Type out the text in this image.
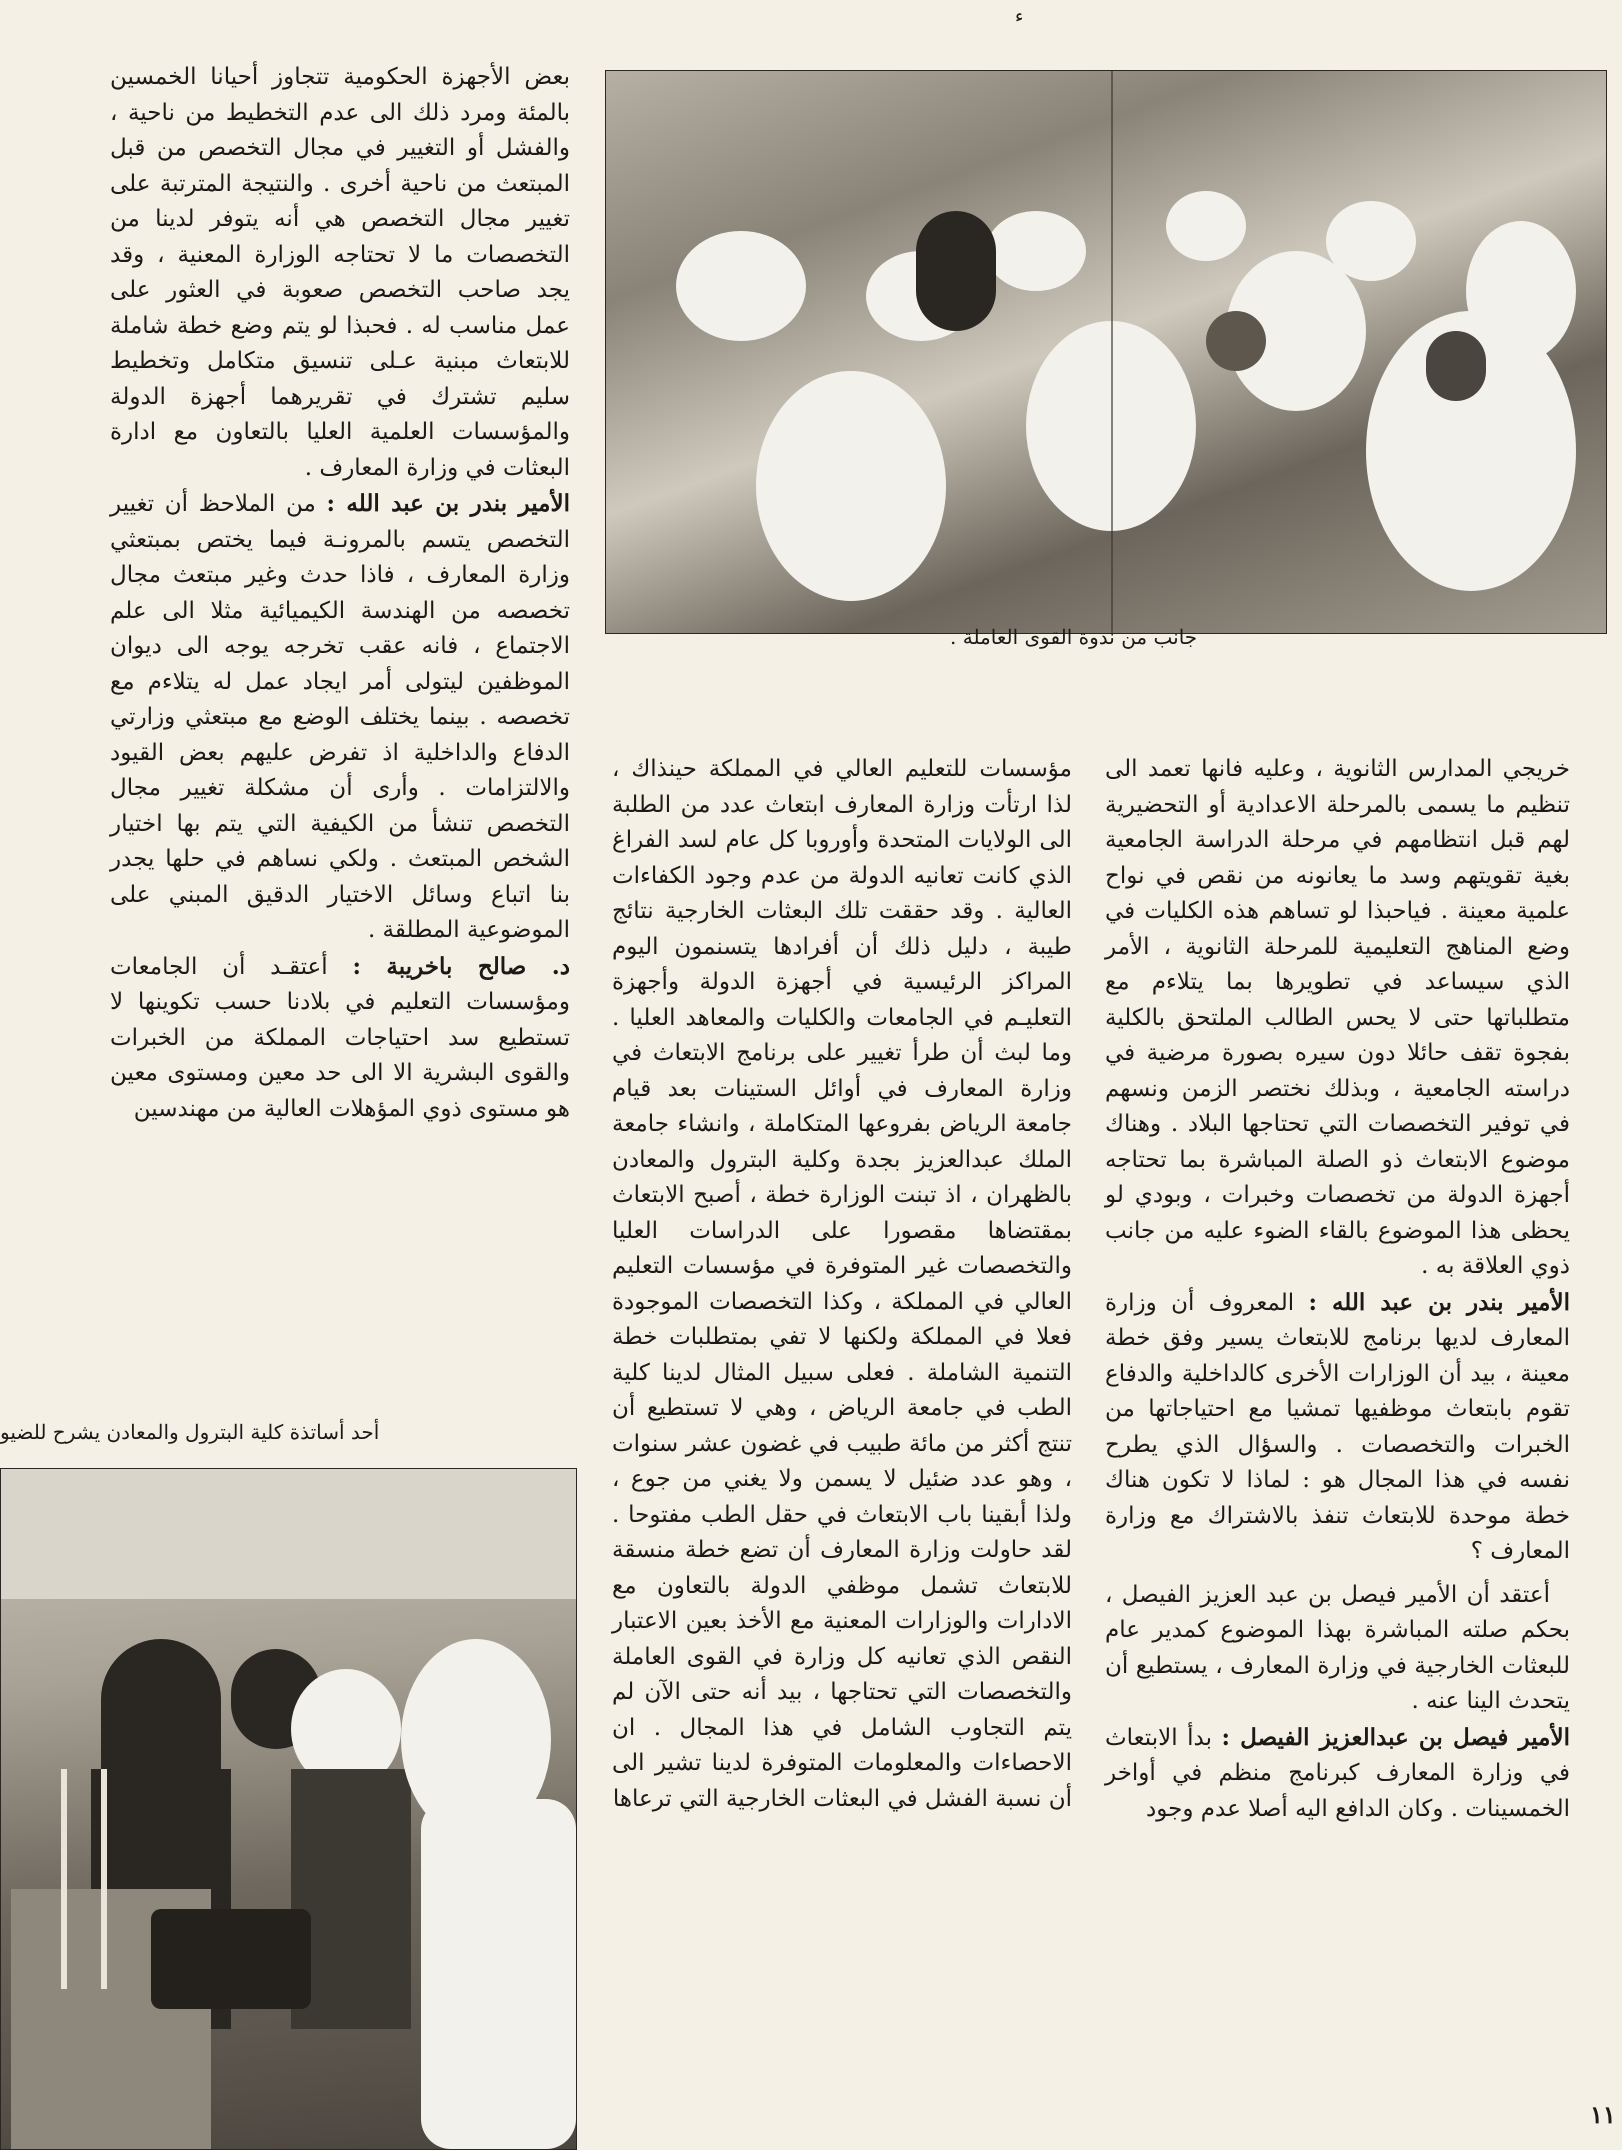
ء
جانب من ندوة القوى العاملة .

بعض الأجهزة الحكومية تتجاوز أحيانا الخمسين بالمئة ومرد ذلك الى عدم التخطيط من ناحية ، والفشل أو التغيير في مجال التخصص من قبل المبتعث من ناحية أخرى . والنتيجة المترتبة على تغيير مجال التخصص هي أنه يتوفر لدينا من التخصصات ما لا تحتاجه الوزارة المعنية ، وقد يجد صاحب التخصص صعوبة في العثور على عمل مناسب له . فحبذا لو يتم وضع خطة شاملة للابتعاث مبنية عـلى تنسيق متكامل وتخطيط سليم تشترك في تقريرهما أجهزة الدولة والمؤسسات العلمية العليا بالتعاون مع ادارة البعثات في وزارة المعارف .

الأمير بندر بن عبد الله : من الملاحظ أن تغيير التخصص يتسم بالمرونـة فيما يختص بمبتعثي وزارة المعارف ، فاذا حدث وغير مبتعث مجال تخصصه من الهندسة الكيميائية مثلا الى علم الاجتماع ، فانه عقب تخرجه يوجه الى ديوان الموظفين ليتولى أمر ايجاد عمل له يتلاءم مع تخصصه . بينما يختلف الوضع مع مبتعثي وزارتي الدفاع والداخلية اذ تفرض عليهم بعض القيود والالتزامات . وأرى أن مشكلة تغيير مجال التخصص تنشأ من الكيفية التي يتم بها اختيار الشخص المبتعث . ولكي نساهم في حلها يجدر بنا اتباع وسائل الاختيار الدقيق المبني على الموضوعية المطلقة .

د. صالح باخريبة : أعتقـد أن الجامعات ومؤسسات التعليم في بلادنا حسب تكوينها لا تستطيع سد احتياجات المملكة من الخبرات والقوى البشرية الا الى حد معين ومستوى معين هو مستوى ذوي المؤهلات العالية من مهندسين

أحد أساتذة كلية البترول والمعادن يشرح للضيو

خريجي المدارس الثانوية ، وعليه فانها تعمد الى تنظيم ما يسمى بالمرحلة الاعدادية أو التحضيرية لهم قبل انتظامهم في مرحلة الدراسة الجامعية بغية تقويتهم وسد ما يعانونه من نقص في نواح علمية معينة . فياحبذا لو تساهم هذه الكليات في وضع المناهج التعليمية للمرحلة الثانوية ، الأمر الذي سيساعد في تطويرها بما يتلاءم مع متطلباتها حتى لا يحس الطالب الملتحق بالكلية بفجوة تقف حائلا دون سيره بصورة مرضية في دراسته الجامعية ، وبذلك نختصر الزمن ونسهم في توفير التخصصات التي تحتاجها البلاد . وهناك موضوع الابتعاث ذو الصلة المباشرة بما تحتاجه أجهزة الدولة من تخصصات وخبرات ، وبودي لو يحظى هذا الموضوع بالقاء الضوء عليه من جانب ذوي العلاقة به .

الأمير بندر بن عبد الله : المعروف أن وزارة المعارف لديها برنامج للابتعاث يسير وفق خطة معينة ، بيد أن الوزارات الأخرى كالداخلية والدفاع تقوم بابتعاث موظفيها تمشيا مع احتياجاتها من الخبرات والتخصصات . والسؤال الذي يطرح نفسه في هذا المجال هو : لماذا لا تكون هناك خطة موحدة للابتعاث تنفذ بالاشتراك مع وزارة المعارف ؟

أعتقد أن الأمير فيصل بن عبد العزيز الفيصل ، بحكم صلته المباشرة بهذا الموضوع كمدير عام للبعثات الخارجية في وزارة المعارف ، يستطيع أن يتحدث الينا عنه .

الأمير فيصل بن عبدالعزيز الفيصل : بدأ الابتعاث في وزارة المعارف كبرنامج منظم في أواخر الخمسينات . وكان الدافع اليه أصلا عدم وجود

مؤسسات للتعليم العالي في المملكة حينذاك ، لذا ارتأت وزارة المعارف ابتعاث عدد من الطلبة الى الولايات المتحدة وأوروبا كل عام لسد الفراغ الذي كانت تعانيه الدولة من عدم وجود الكفاءات العالية . وقد حققت تلك البعثات الخارجية نتائج طيبة ، دليل ذلك أن أفرادها يتسنمون اليوم المراكز الرئيسية في أجهزة الدولة وأجهزة التعليـم في الجامعات والكليات والمعاهد العليا . وما لبث أن طرأ تغيير على برنامج الابتعاث في وزارة المعارف في أوائل الستينات بعد قيام جامعة الرياض بفروعها المتكاملة ، وانشاء جامعة الملك عبدالعزيز بجدة وكلية البترول والمعادن بالظهران ، اذ تبنت الوزارة خطة ، أصبح الابتعاث بمقتضاها مقصورا على الدراسات العليا والتخصصات غير المتوفرة في مؤسسات التعليم العالي في المملكة ، وكذا التخصصات الموجودة فعلا في المملكة ولكنها لا تفي بمتطلبات خطة التنمية الشاملة . فعلى سبيل المثال لدينا كلية الطب في جامعة الرياض ، وهي لا تستطيع أن تنتج أكثر من مائة طبيب في غضون عشر سنوات ، وهو عدد ضئيل لا يسمن ولا يغني من جوع ، ولذا أبقينا باب الابتعاث في حقل الطب مفتوحا . لقد حاولت وزارة المعارف أن تضع خطة منسقة للابتعاث تشمل موظفي الدولة بالتعاون مع الادارات والوزارات المعنية مع الأخذ بعين الاعتبار النقص الذي تعانيه كل وزارة في القوى العاملة والتخصصات التي تحتاجها ، بيد أنه حتى الآن لم يتم التجاوب الشامل في هذا المجال . ان الاحصاءات والمعلومات المتوفرة لدينا تشير الى أن نسبة الفشل في البعثات الخارجية التي ترعاها

١١
